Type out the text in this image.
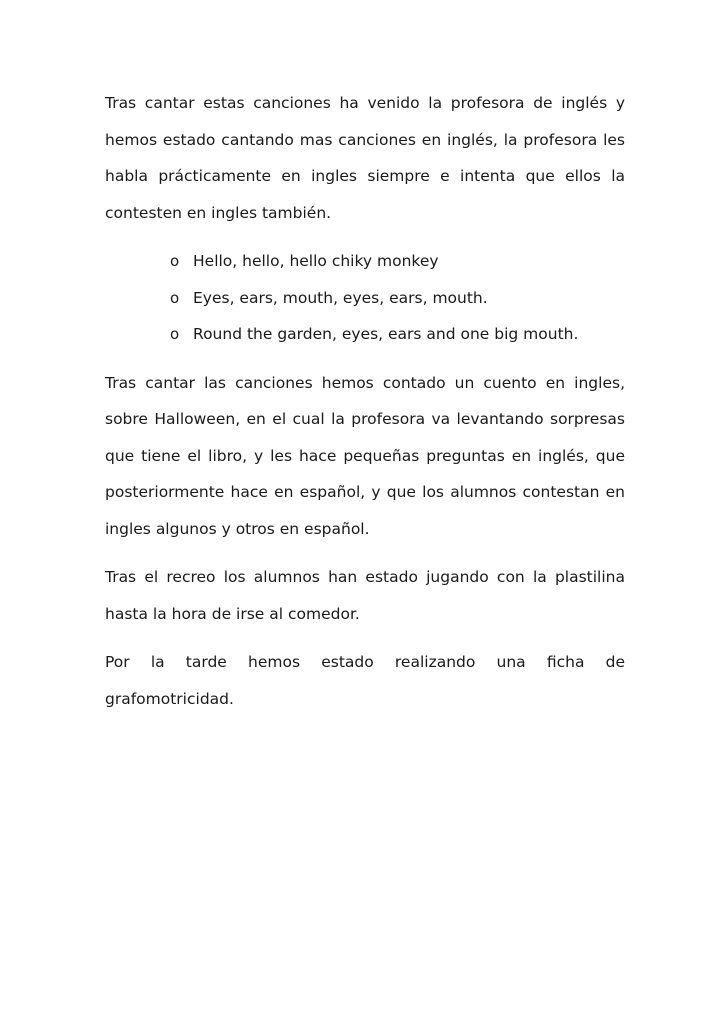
Tras cantar estas canciones ha venido la profesora de inglés y hemos estado cantando mas canciones en inglés, la profesora les habla prácticamente en ingles siempre e intenta que ellos la contesten en ingles también.

o Hello, hello, hello chiky monkey
o Eyes, ears, mouth, eyes, ears, mouth.
o Round the garden, eyes, ears and one big mouth.

Tras cantar las canciones hemos contado un cuento en ingles, sobre Halloween, en el cual la profesora va levantando sorpresas que tiene el libro, y les hace pequeñas preguntas en inglés, que posteriormente hace en español, y que los alumnos contestan en ingles algunos y otros en español.

Tras el recreo los alumnos han estado jugando con la plastilina hasta la hora de irse al comedor.

Por la tarde hemos estado realizando una ficha de grafomotricidad.
